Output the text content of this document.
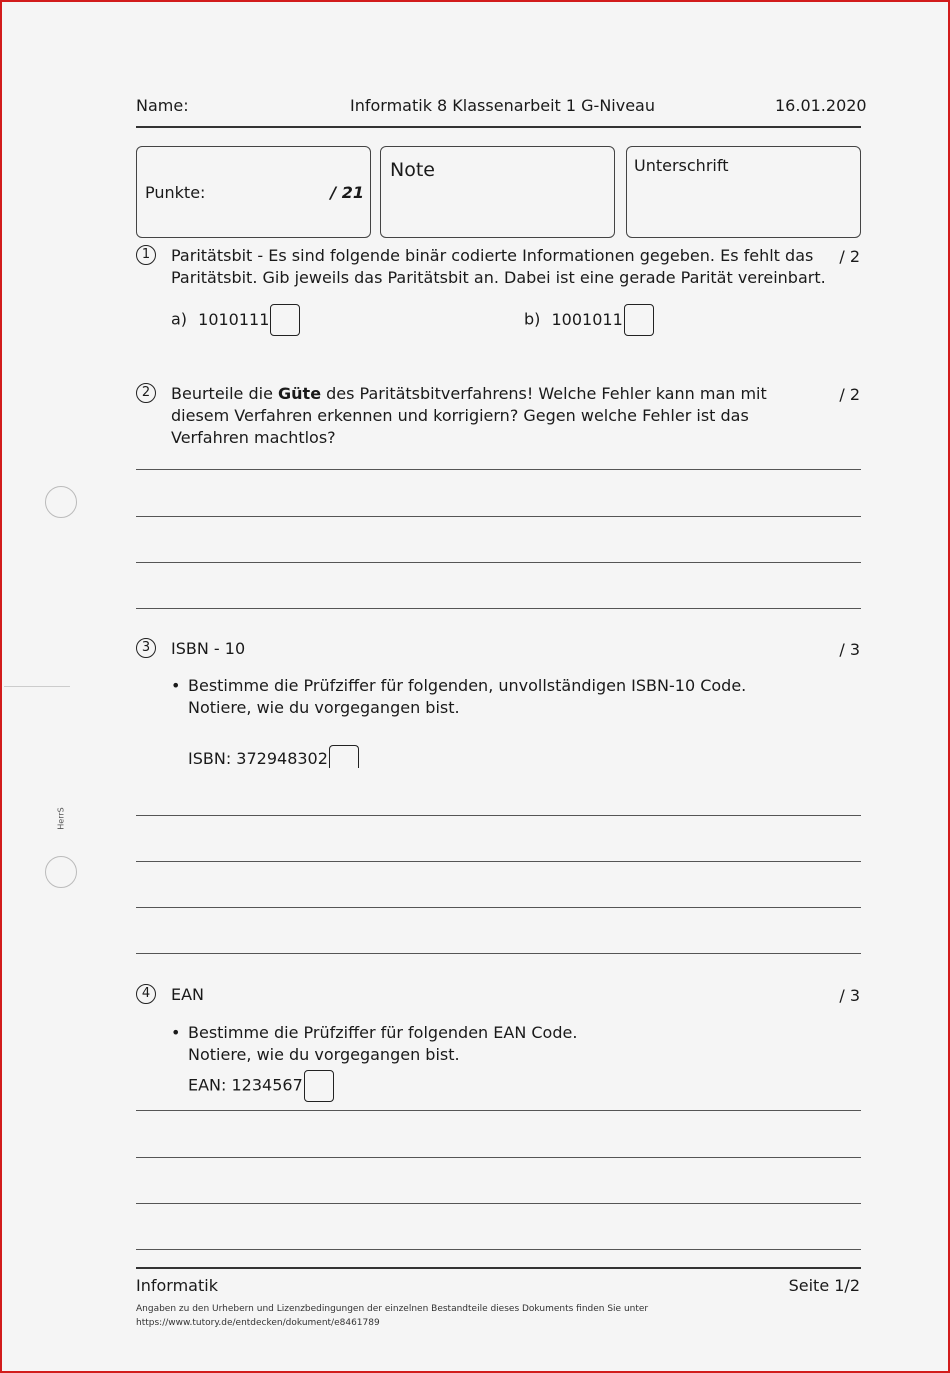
Name:	Informatik 8 Klassenarbeit 1 G-Niveau	16.01.2020
Punkte:	/ 21
Note	Unterschrift
1	Paritätsbit - Es sind folgende binär codierte Informationen gegeben. Es fehlt das
Paritätsbit. Gib jeweils das Paritätsbit an. Dabei ist eine gerade Parität vereinbart.
/ 2
a) 1010111	b) 1001011
2	Beurteile die Güte des Paritätsbitverfahrens! Welche Fehler kann man mit
diesem Verfahren erkennen und korrigiern? Gegen welche Fehler ist das
Verfahren machtlos?
/ 2
3	ISBN - 10	/ 3
• Bestimme die Prüfziffer für folgenden, unvollständigen ISBN-10 Code.
Notiere, wie du vorgegangen bist.
ISBN: 372948302
4	EAN	/ 3
• Bestimme die Prüfziffer für folgenden EAN Code.
Notiere, wie du vorgegangen bist.
EAN: 1234567
Informatik	Seite 1/2
Angaben zu den Urhebern und Lizenzbedingungen der einzelnen Bestandteile dieses Dokuments finden Sie unter
https://www.tutory.de/entdecken/dokument/e8461789
HerrS
